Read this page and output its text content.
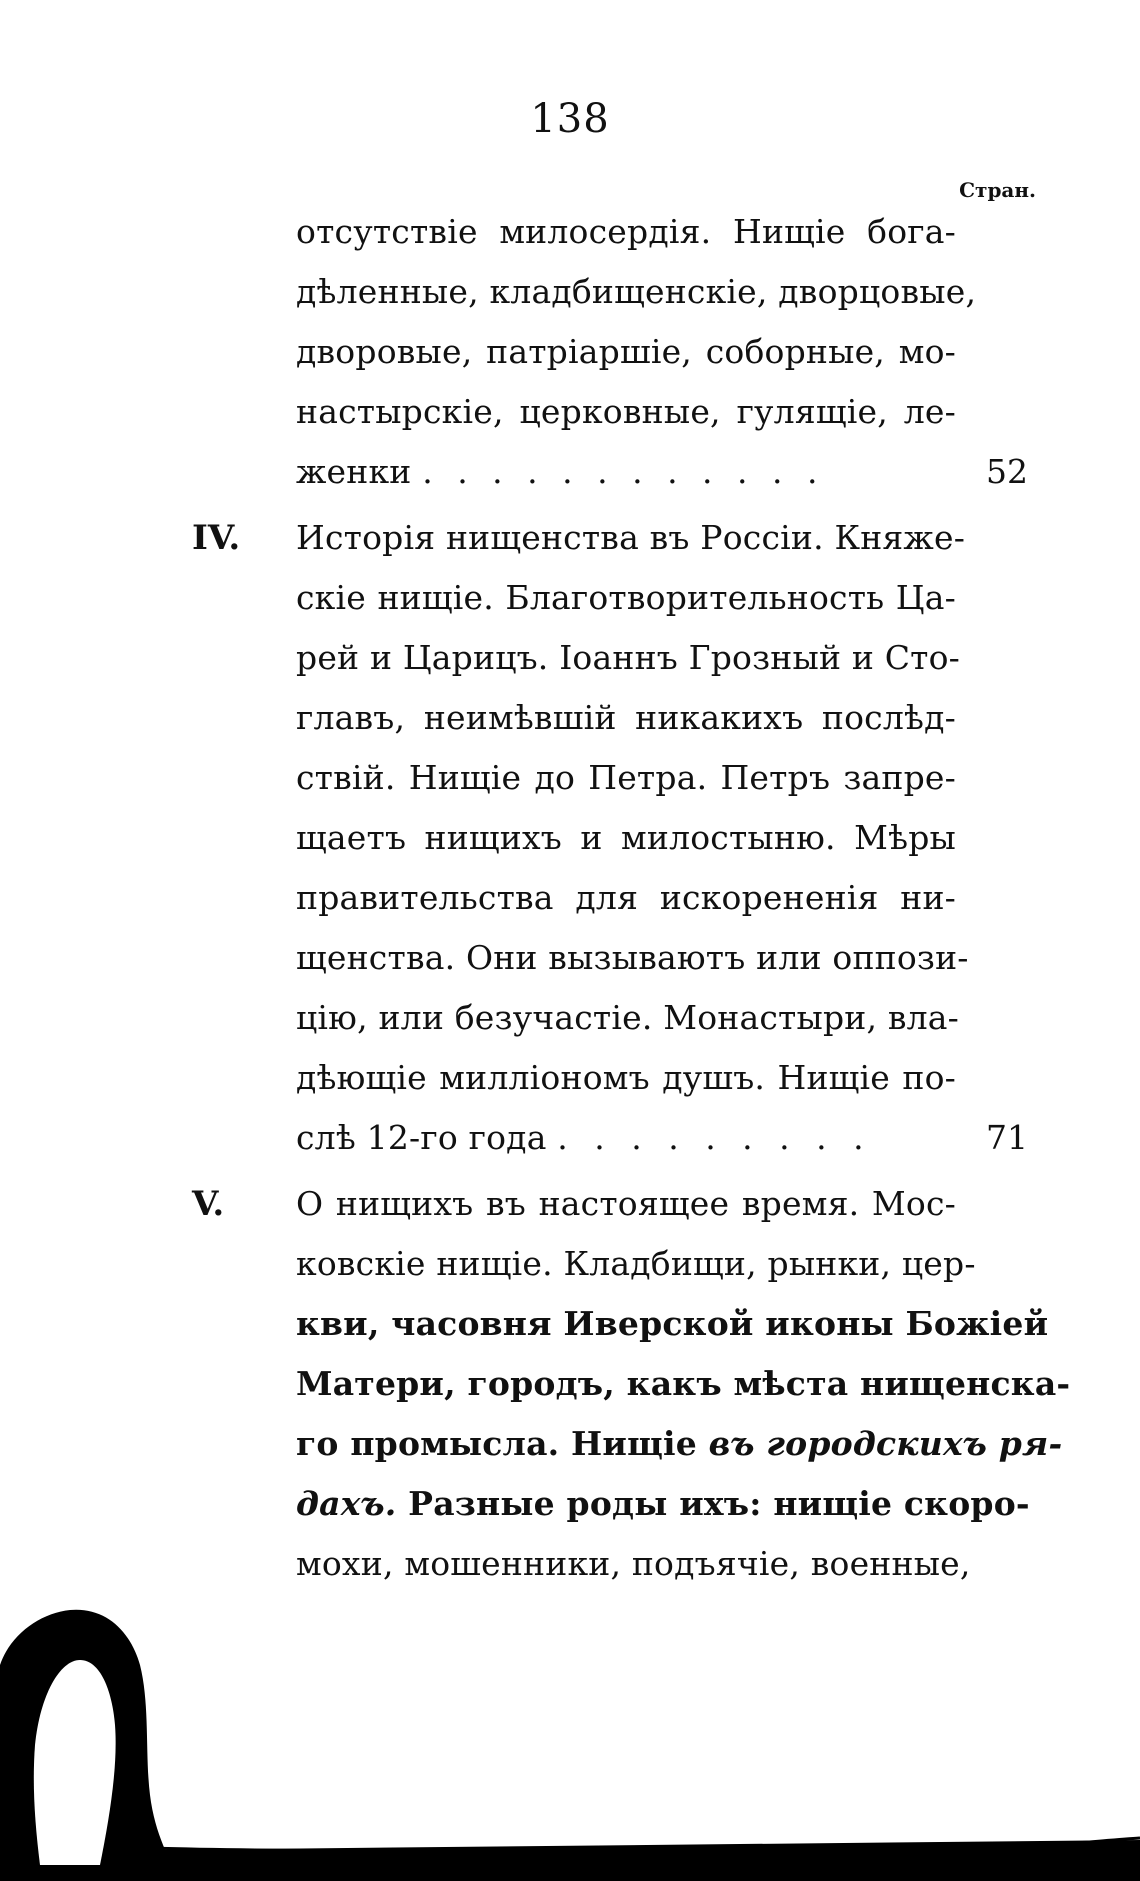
138
Стран.
отсутствіе милосердія. Нищіе бога-
дѣленные, кладбищенскіе, дворцовые,
дворовые, патріаршіе, соборные, мо-
настырскіе, церковные, гулящіе, ле-
женки . . . . . . . . . . . .	52
IV. Исторія нищенства въ Россіи. Княже-
скіе нищіе. Благотворительность Ца-
рей и Царицъ. Іоаннъ Грозный и Сто-
главъ, неимѣвшій никакихъ послѣд-
ствій. Нищіе до Петра. Петръ запре-
щаетъ нищихъ и милостыню. Мѣры
правительства для искорененія ни-
щенства. Они вызываютъ или оппози-
цію, или безучастіе. Монастыри, вла-
дѣющіе милліономъ душъ. Нищіе по-
слѣ 12-го года . . . . . . . . .	71
V. О нищихъ въ настоящее время. Мос-
ковскіе нищіе. Кладбищи, рынки, цер-
кви, часовня Иверской иконы Божіей
Матери, городъ, какъ мѣста нищенска-
го промысла. Нищіе въ городскихъ ря-
дахъ. Разные роды ихъ: нищіе скоро-
мохи, мошенники, подъячіе, военные,
